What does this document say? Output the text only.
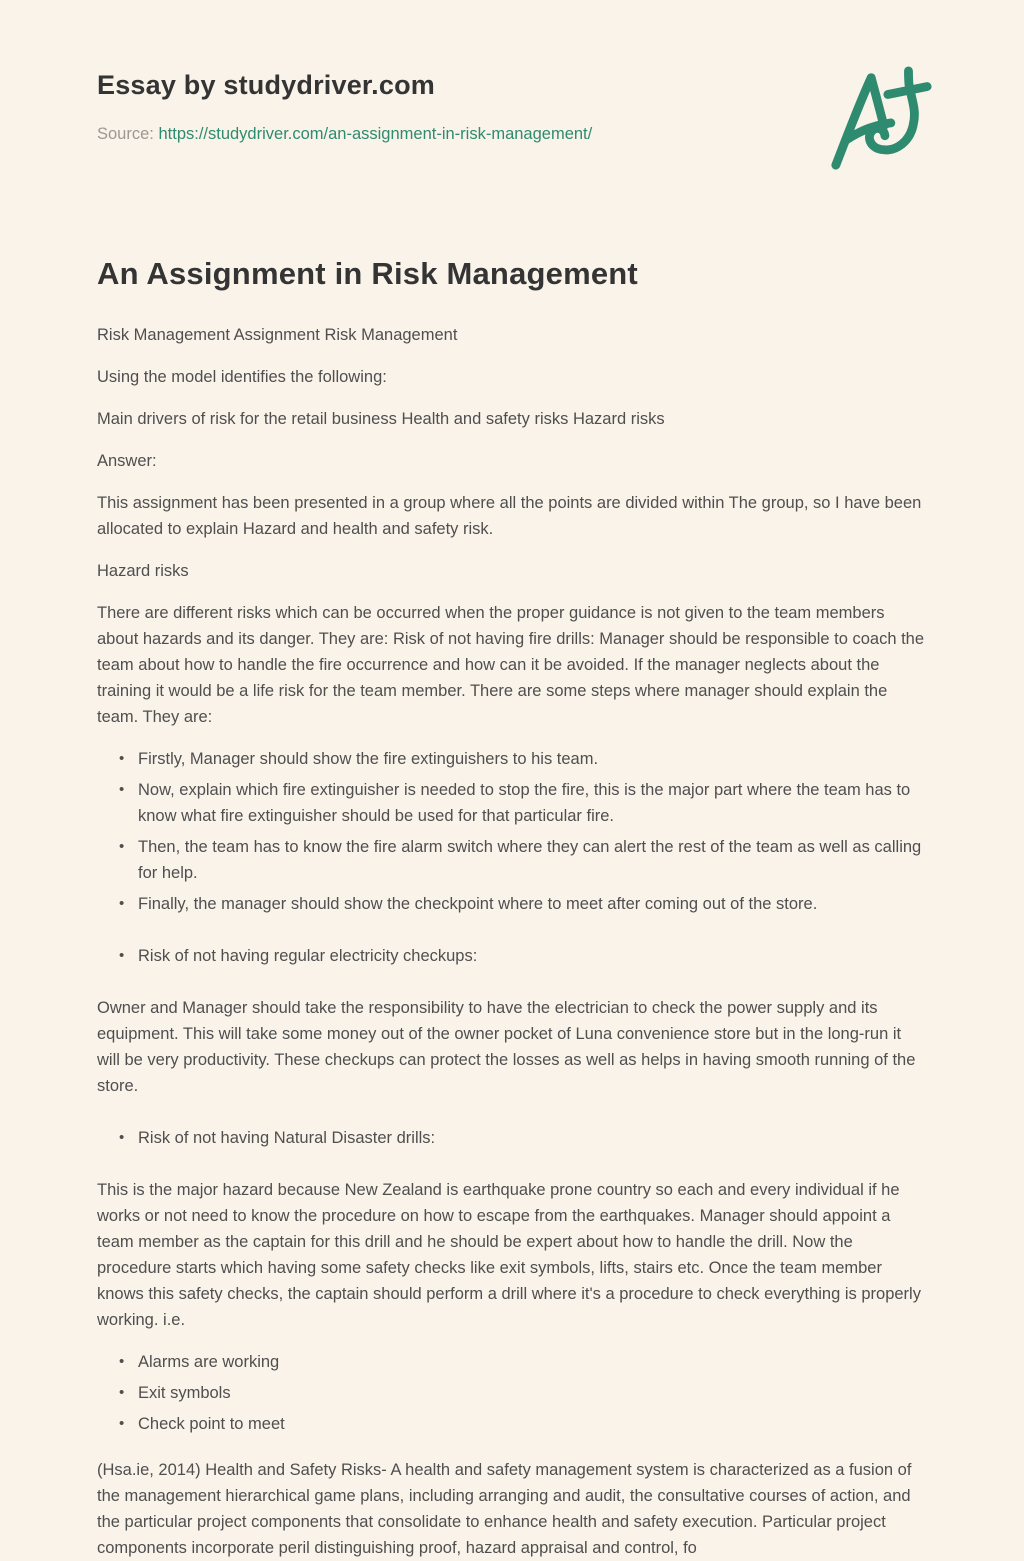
Essay by studydriver.com
Source: https://studydriver.com/an-assignment-in-risk-management/
An Assignment in Risk Management

Risk Management Assignment Risk Management

Using the model identifies the following:

Main drivers of risk for the retail business Health and safety risks Hazard risks

Answer:

This assignment has been presented in a group where all the points are divided within The group, so I have been allocated to explain Hazard and health and safety risk.

Hazard risks

There are different risks which can be occurred when the proper guidance is not given to the team members about hazards and its danger. They are: Risk of not having fire drills: Manager should be responsible to coach the team about how to handle the fire occurrence and how can it be avoided. If the manager neglects about the training it would be a life risk for the team member. There are some steps where manager should explain the team. They are:

• Firstly, Manager should show the fire extinguishers to his team.
• Now, explain which fire extinguisher is needed to stop the fire, this is the major part where the team has to know what fire extinguisher should be used for that particular fire.
• Then, the team has to know the fire alarm switch where they can alert the rest of the team as well as calling for help.
• Finally, the manager should show the checkpoint where to meet after coming out of the store.
• Risk of not having regular electricity checkups:

Owner and Manager should take the responsibility to have the electrician to check the power supply and its equipment. This will take some money out of the owner pocket of Luna convenience store but in the long-run it will be very productivity. These checkups can protect the losses as well as helps in having smooth running of the store.

• Risk of not having Natural Disaster drills:

This is the major hazard because New Zealand is earthquake prone country so each and every individual if he works or not need to know the procedure on how to escape from the earthquakes. Manager should appoint a team member as the captain for this drill and he should be expert about how to handle the drill. Now the procedure starts which having some safety checks like exit symbols, lifts, stairs etc. Once the team member knows this safety checks, the captain should perform a drill where it's a procedure to check everything is properly working. i.e.

• Alarms are working
• Exit symbols
• Check point to meet

(Hsa.ie, 2014) Health and Safety Risks- A health and safety management system is characterized as a fusion of the management hierarchical game plans, including arranging and audit, the consultative courses of action, and the particular project components that consolidate to enhance health and safety execution. Particular project components incorporate peril distinguishing proof, hazard appraisal and control, fo
